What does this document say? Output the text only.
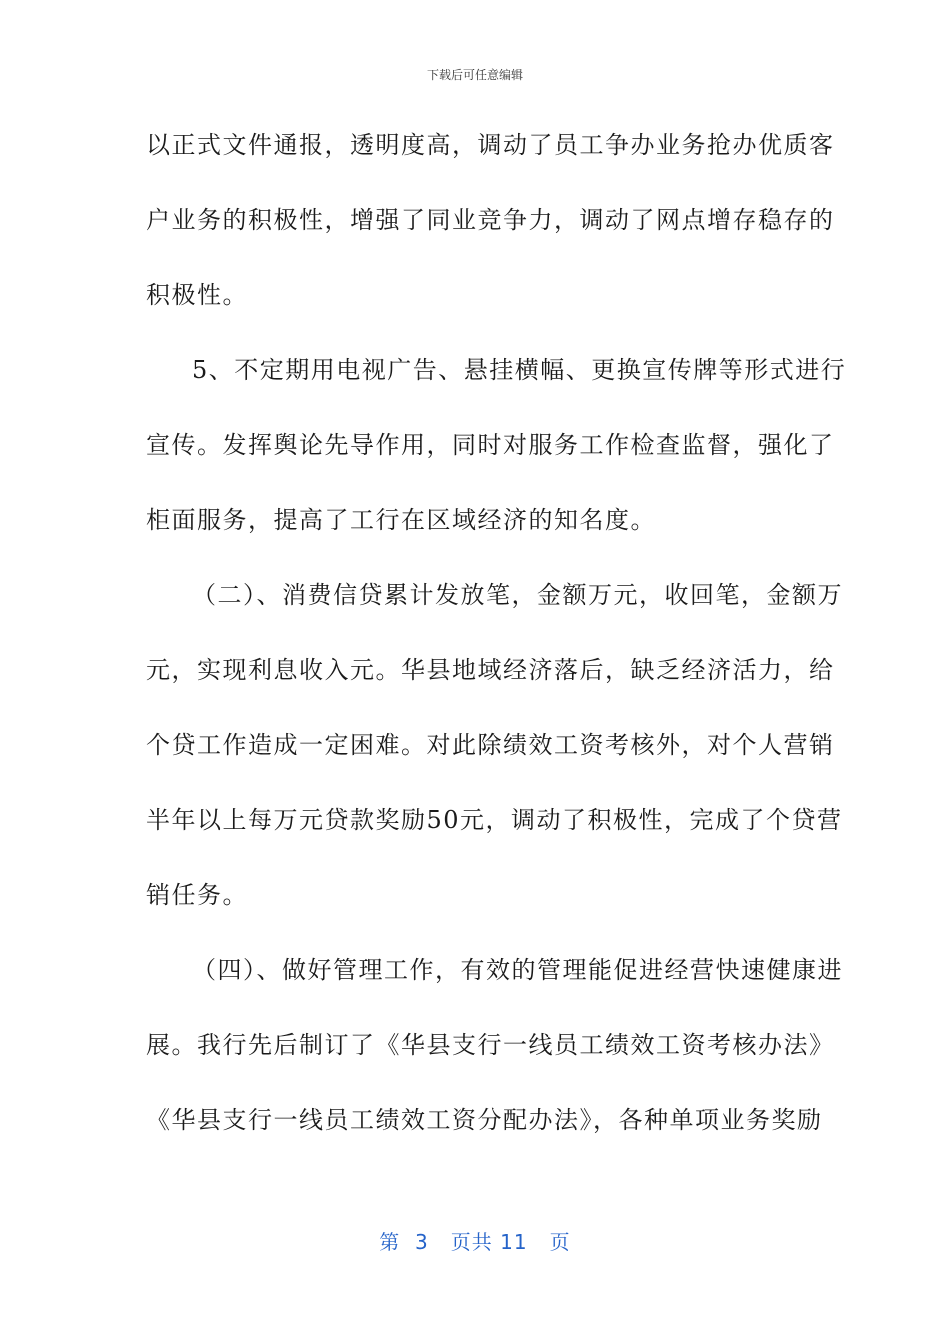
下载后可任意编辑
以正式文件通报，透明度高，调动了员工争办业务抢办优质客
户业务的积极性，增强了同业竞争力，调动了网点增存稳存的
积极性。
5、不定期用电视广告、悬挂横幅、更换宣传牌等形式进行
宣传。发挥舆论先导作用，同时对服务工作检查监督，强化了
柜面服务，提高了工行在区域经济的知名度。
（二）、消费信贷累计发放笔，金额万元，收回笔，金额万
元，实现利息收入元。华县地域经济落后，缺乏经济活力，给
个贷工作造成一定困难。对此除绩效工资考核外，对个人营销
半年以上每万元贷款奖励50元，调动了积极性，完成了个贷营
销任务。
（四）、做好管理工作，有效的管理能促进经营快速健康进
展。我行先后制订了《华县支行一线员工绩效工资考核办法》
《华县支行一线员工绩效工资分配办法》，各种单项业务奖励
第  3   页共 11   页
